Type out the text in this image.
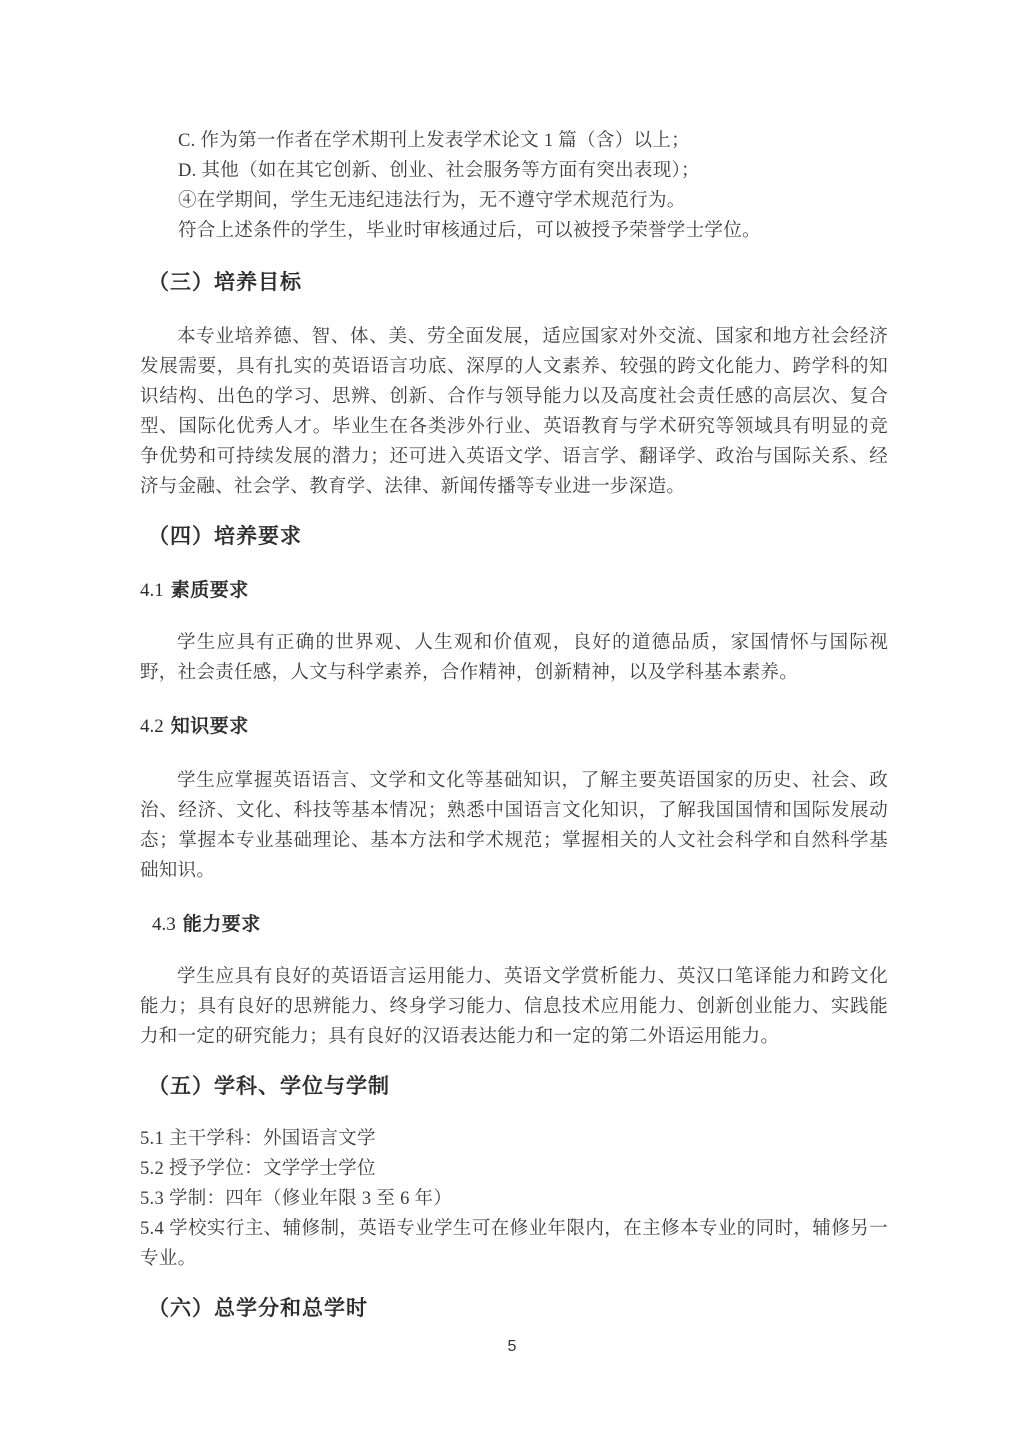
C. 作为第一作者在学术期刊上发表学术论文 1 篇（含）以上；

D. 其他（如在其它创新、创业、社会服务等方面有突出表现）；

④在学期间，学生无违纪违法行为，无不遵守学术规范行为。

符合上述条件的学生，毕业时审核通过后，可以被授予荣誉学士学位。

（三）培养目标

本专业培养德、智、体、美、劳全面发展，适应国家对外交流、国家和地方社会经济发展需要，具有扎实的英语语言功底、深厚的人文素养、较强的跨文化能力、跨学科的知识结构、出色的学习、思辨、创新、合作与领导能力以及高度社会责任感的高层次、复合型、国际化优秀人才。毕业生在各类涉外行业、英语教育与学术研究等领域具有明显的竞争优势和可持续发展的潜力；还可进入英语文学、语言学、翻译学、政治与国际关系、经济与金融、社会学、教育学、法律、新闻传播等专业进一步深造。

（四）培养要求
4.1 素质要求

学生应具有正确的世界观、人生观和价值观，良好的道德品质，家国情怀与国际视野，社会责任感，人文与科学素养，合作精神，创新精神，以及学科基本素养。

4.2 知识要求

学生应掌握英语语言、文学和文化等基础知识，了解主要英语国家的历史、社会、政治、经济、文化、科技等基本情况；熟悉中国语言文化知识，了解我国国情和国际发展动态；掌握本专业基础理论、基本方法和学术规范；掌握相关的人文社会科学和自然科学基础知识。

4.3 能力要求

学生应具有良好的英语语言运用能力、英语文学赏析能力、英汉口笔译能力和跨文化能力；具有良好的思辨能力、终身学习能力、信息技术应用能力、创新创业能力、实践能力和一定的研究能力；具有良好的汉语表达能力和一定的第二外语运用能力。

（五）学科、学位与学制

5.1 主干学科：外国语言文学

5.2 授予学位：文学学士学位

5.3 学制：四年（修业年限 3 至 6 年）

5.4 学校实行主、辅修制，英语专业学生可在修业年限内，在主修本专业的同时，辅修另一专业。

（六）总学分和总学时
5
